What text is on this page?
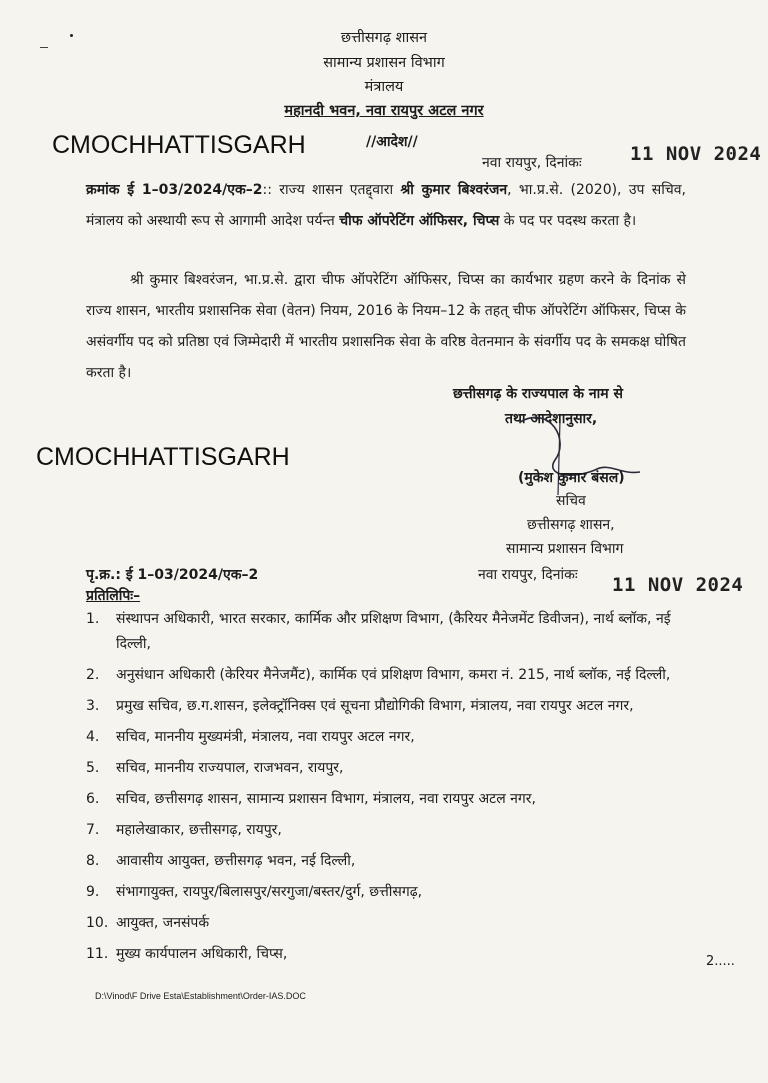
छत्तीसगढ़ शासन
सामान्य प्रशासन विभाग
मंत्रालय
महानदी भवन, नवा रायपुर अटल नगर
CMOCHHATTISGARH	//आदेश//
नवा रायपुर, दिनांकः	11 NOV 2024
क्रमांक ई 1–03/2024/एक–2:: राज्य शासन एतद्द्वारा श्री कुमार बिश्वरंजन, भा.प्र.से. (2020), उप सचिव, मंत्रालय को अस्थायी रूप से आगामी आदेश पर्यन्त चीफ ऑपरेटिंग ऑफिसर, चिप्स के पद पर पदस्थ करता है।
श्री कुमार बिश्वरंजन, भा.प्र.से. द्वारा चीफ ऑपरेटिंग ऑफिसर, चिप्स का कार्यभार ग्रहण करने के दिनांक से राज्य शासन, भारतीय प्रशासनिक सेवा (वेतन) नियम, 2016 के नियम–12 के तहत् चीफ ऑपरेटिंग ऑफिसर, चिप्स के असंवर्गीय पद को प्रतिष्ठा एवं जिम्मेदारी में भारतीय प्रशासनिक सेवा के वरिष्ठ वेतनमान के संवर्गीय पद के समकक्ष घोषित करता है।
छत्तीसगढ़ के राज्यपाल के नाम से
तथा आदेशानुसार,
CMOCHHATTISGARH
(मुकेश कुमार बंसल)
सचिव
छत्तीसगढ़ शासन,
सामान्य प्रशासन विभाग
पृ.क्र.: ई 1–03/2024/एक–2	नवा रायपुर, दिनांकः 11 NOV 2024
प्रतिलिपिः–
1. संस्थापन अधिकारी, भारत सरकार, कार्मिक और प्रशिक्षण विभाग, (कैरियर मैनेजमेंट डिवीजन), नार्थ ब्लॉक, नई दिल्ली,
2. अनुसंधान अधिकारी (केरियर मैनेजमैंट), कार्मिक एवं प्रशिक्षण विभाग, कमरा नं. 215, नार्थ ब्लॉक, नई दिल्ली,
3. प्रमुख सचिव, छ.ग.शासन, इलेक्ट्रॉनिक्स एवं सूचना प्रौद्योगिकी विभाग, मंत्रालय, नवा रायपुर अटल नगर,
4. सचिव, माननीय मुख्यमंत्री, मंत्रालय, नवा रायपुर अटल नगर,
5. सचिव, माननीय राज्यपाल, राजभवन, रायपुर,
6. सचिव, छत्तीसगढ़ शासन, सामान्य प्रशासन विभाग, मंत्रालय, नवा रायपुर अटल नगर,
7. महालेखाकार, छत्तीसगढ़, रायपुर,
8. आवासीय आयुक्त, छत्तीसगढ़ भवन, नई दिल्ली,
9. संभागायुक्त, रायपुर/बिलासपुर/सरगुजा/बस्तर/दुर्ग, छत्तीसगढ़,
10. आयुक्त, जनसंपर्क
11. मुख्य कार्यपालन अधिकारी, चिप्स,	2.....
D:\Vinod\F Drive Esta\Establishment\Order-IAS.DOC
